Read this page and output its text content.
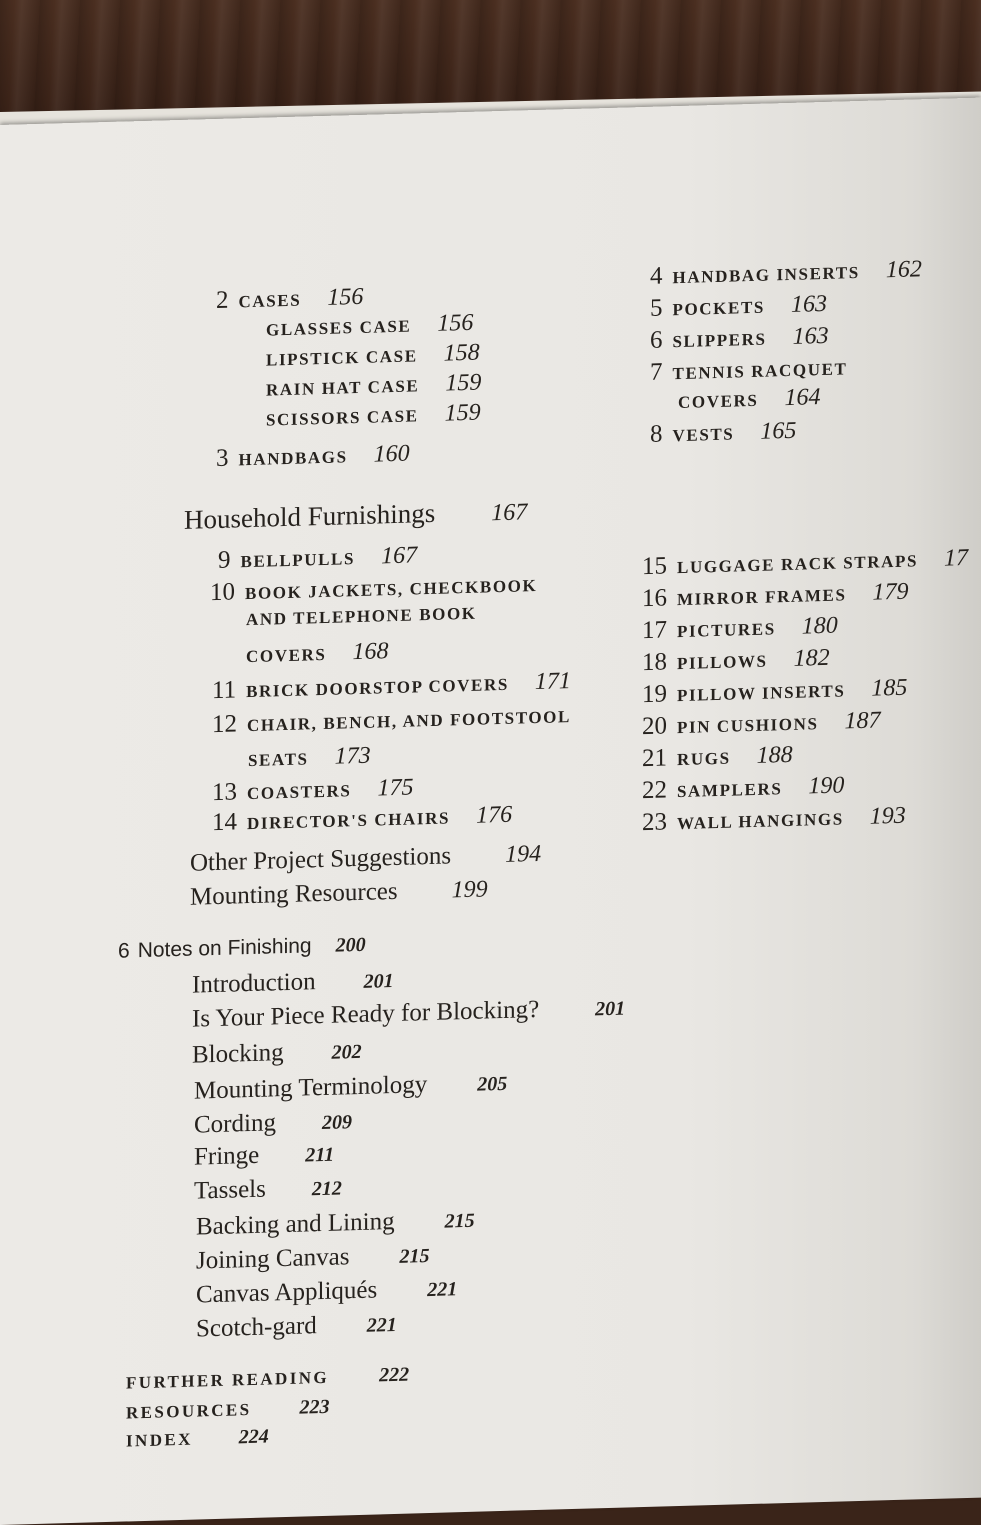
2 CASES 156
GLASSES CASE 156
LIPSTICK CASE 158
RAIN HAT CASE 159
SCISSORS CASE 159
3 HANDBAGS 160
4 HANDBAG INSERTS 162
5 POCKETS 163
6 SLIPPERS 163
7 TENNIS RACQUET
COVERS 164
8 VESTS 165
Household Furnishings 167
9 BELLPULLS 167
10 BOOK JACKETS, CHECKBOOK
AND TELEPHONE BOOK
COVERS 168
11 BRICK DOORSTOP COVERS 171
12 CHAIR, BENCH, AND FOOTSTOOL
SEATS 173
13 COASTERS 175
14 DIRECTOR'S CHAIRS 176
15 LUGGAGE RACK STRAPS 17
16 MIRROR FRAMES 179
17 PICTURES 180
18 PILLOWS 182
19 PILLOW INSERTS 185
20 PIN CUSHIONS 187
21 RUGS 188
22 SAMPLERS 190
23 WALL HANGINGS 193
Other Project Suggestions 194
Mounting Resources 199
6 Notes on Finishing 200
Introduction 201
Is Your Piece Ready for Blocking?	201
Blocking 202
Mounting Terminology	205
Cording 209
Fringe 211
Tassels 212
Backing and Lining	215
Joining Canvas	215
Canvas Appliqués	221
Scotch-gard	221
FURTHER READING	222
RESOURCES 223
INDEX 224
